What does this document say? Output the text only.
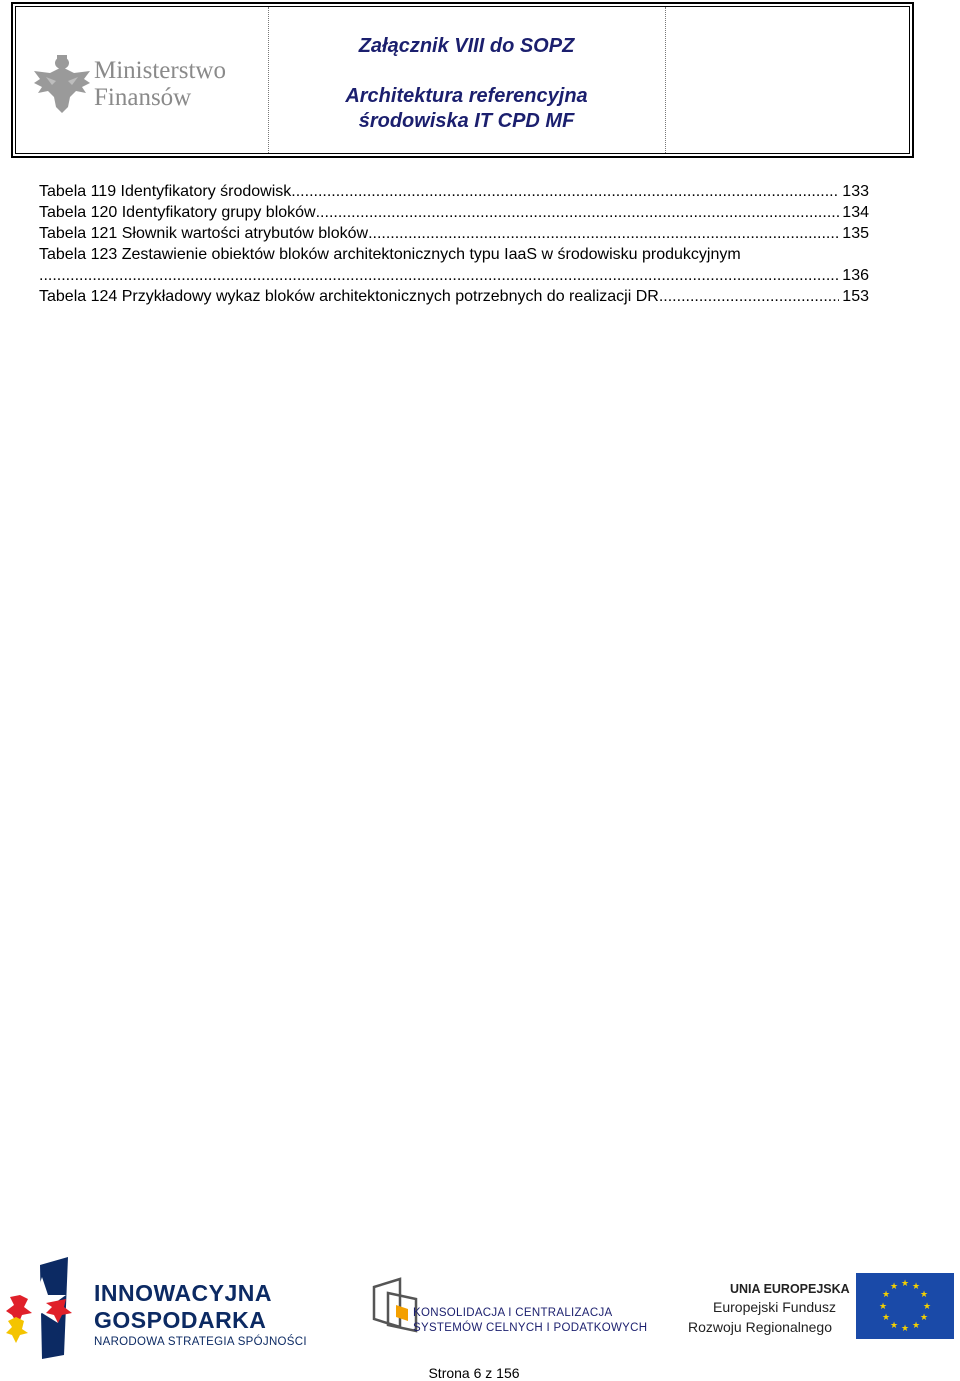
Ministerstwo
Finansów
Załącznik VIII do SOPZ
Architektura referencyjna
środowiska IT CPD MF
Tabela 119 Identyfikatory środowisk .....	133
Tabela 120 Identyfikatory grupy bloków .....	134
Tabela 121 Słownik wartości atrybutów bloków .....	135
Tabela 123 Zestawienie obiektów bloków architektonicznych typu IaaS w środowisku produkcyjnym
.....
136
Tabela 124 Przykładowy wykaz bloków architektonicznych potrzebnych do realizacji DR .....	153
INNOWACYJNA
GOSPODARKA
NARODOWA STRATEGIA SPÓJNOŚCI
KONSOLIDACJA I CENTRALIZACJA
SYSTEMÓW CELNYCH I PODATKOWYCH
UNIA EUROPEJSKA
Europejski Fundusz
Rozwoju Regionalnego
★ ★
★
★
★
★
★
★
★
★
★
★
Strona 6 z 156
